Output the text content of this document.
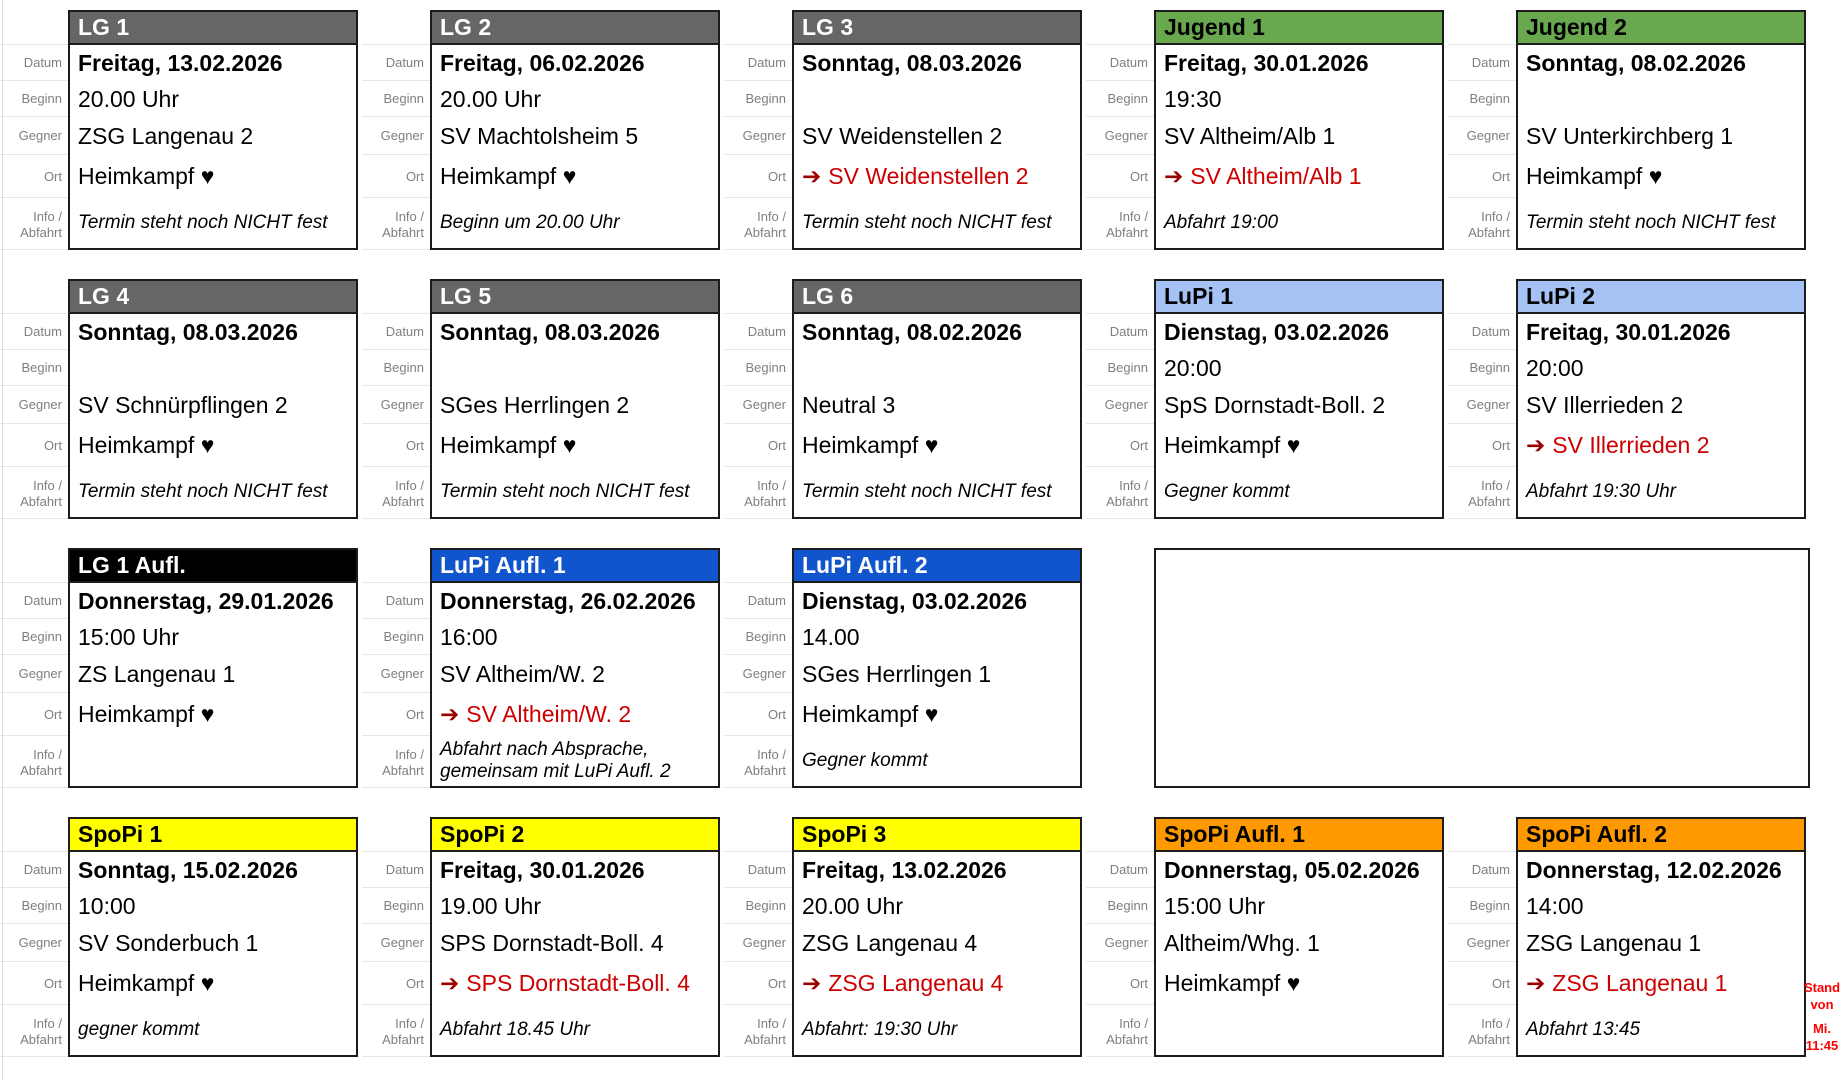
Datum
Beginn
Gegner
Ort
Info /
Abfahrt
LG 1
Freitag, 13.02.2026
20.00 Uhr
ZSG Langenau 2
Heimkampf ♥
Termin steht noch NICHT fest
Datum
Beginn
Gegner
Ort
Info /
Abfahrt
LG 2
Freitag, 06.02.2026
20.00 Uhr
SV Machtolsheim 5
Heimkampf ♥
Beginn um 20.00 Uhr
Datum
Beginn
Gegner
Ort
Info /
Abfahrt
LG 3
Sonntag, 08.03.2026
SV Weidenstellen 2
➔ SV Weidenstellen 2
Termin steht noch NICHT fest
Datum
Beginn
Gegner
Ort
Info /
Abfahrt
Jugend 1
Freitag, 30.01.2026
19:30
SV Altheim/Alb 1
➔ SV Altheim/Alb 1
Abfahrt 19:00
Datum
Beginn
Gegner
Ort
Info /
Abfahrt
Jugend 2
Sonntag, 08.02.2026
SV Unterkirchberg 1
Heimkampf ♥
Termin steht noch NICHT fest
Datum
Beginn
Gegner
Ort
Info /
Abfahrt
LG 4
Sonntag, 08.03.2026
SV Schnürpflingen 2
Heimkampf ♥
Termin steht noch NICHT fest
Datum
Beginn
Gegner
Ort
Info /
Abfahrt
LG 5
Sonntag, 08.03.2026
SGes Herrlingen 2
Heimkampf ♥
Termin steht noch NICHT fest
Datum
Beginn
Gegner
Ort
Info /
Abfahrt
LG 6
Sonntag, 08.02.2026
Neutral 3
Heimkampf ♥
Termin steht noch NICHT fest
Datum
Beginn
Gegner
Ort
Info /
Abfahrt
LuPi 1
Dienstag, 03.02.2026
20:00
SpS Dornstadt-Boll. 2
Heimkampf ♥
Gegner kommt
Datum
Beginn
Gegner
Ort
Info /
Abfahrt
LuPi 2
Freitag, 30.01.2026
20:00
SV Illerrieden 2
➔ SV Illerrieden 2
Abfahrt 19:30 Uhr
Datum
Beginn
Gegner
Ort
Info /
Abfahrt
LG 1 Aufl.
Donnerstag, 29.01.2026
15:00 Uhr
ZS Langenau 1
Heimkampf ♥
Datum
Beginn
Gegner
Ort
Info /
Abfahrt
LuPi Aufl. 1
Donnerstag, 26.02.2026
16:00
SV Altheim/W. 2
➔ SV Altheim/W. 2
Abfahrt nach Absprache, gemeinsam mit LuPi Aufl. 2
Datum
Beginn
Gegner
Ort
Info /
Abfahrt
LuPi Aufl. 2
Dienstag, 03.02.2026
14.00
SGes Herrlingen 1
Heimkampf ♥
Gegner kommt
Datum
Beginn
Gegner
Ort
Info /
Abfahrt
SpoPi 1
Sonntag, 15.02.2026
10:00
SV Sonderbuch 1
Heimkampf ♥
gegner kommt
Datum
Beginn
Gegner
Ort
Info /
Abfahrt
SpoPi 2
Freitag, 30.01.2026
19.00 Uhr
SPS Dornstadt-Boll. 4
➔ SPS Dornstadt-Boll. 4
Abfahrt 18.45 Uhr
Datum
Beginn
Gegner
Ort
Info /
Abfahrt
SpoPi 3
Freitag, 13.02.2026
20.00 Uhr
ZSG Langenau 4
➔ ZSG Langenau 4
Abfahrt: 19:30 Uhr
Datum
Beginn
Gegner
Ort
Info /
Abfahrt
SpoPi Aufl. 1
Donnerstag, 05.02.2026
15:00 Uhr
Altheim/Whg. 1
Heimkampf ♥
Datum
Beginn
Gegner
Ort
Info /
Abfahrt
SpoPi Aufl. 2
Donnerstag, 12.02.2026
14:00
ZSG Langenau 1
➔ ZSG Langenau 1
Abfahrt 13:45
Stand von
Mi. 11:45
